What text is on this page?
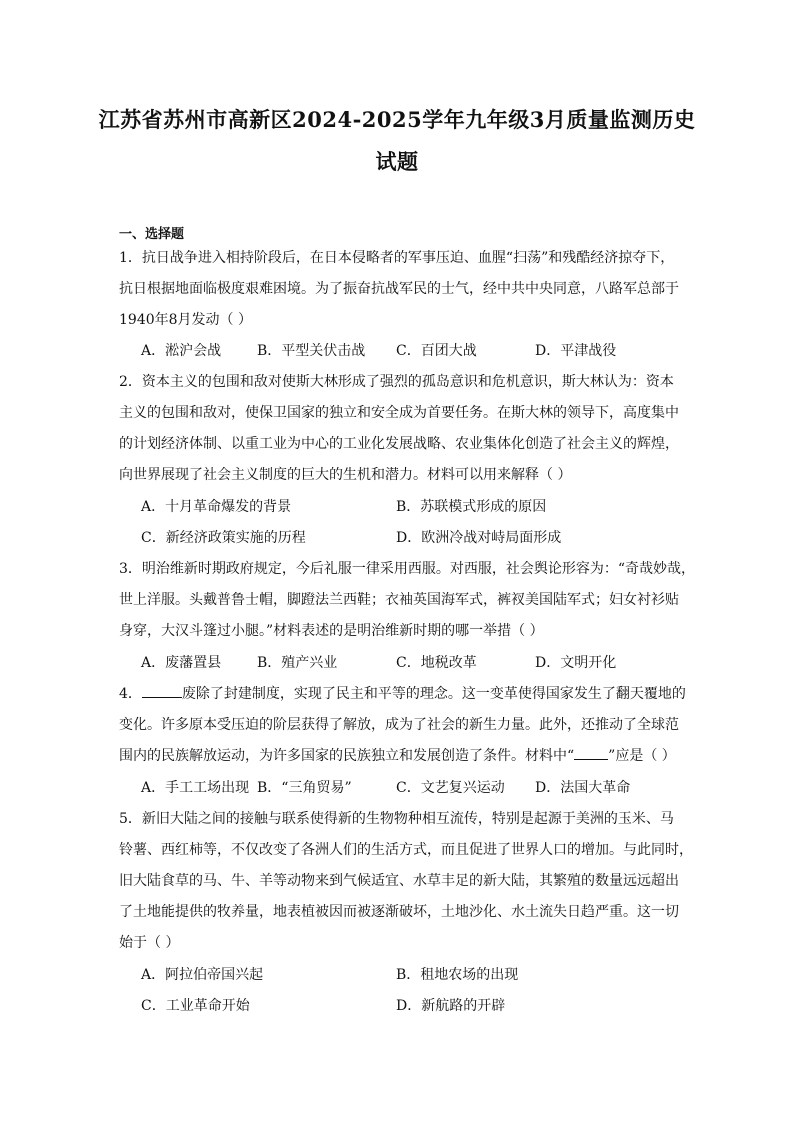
江苏省苏州市高新区2024-2025学年九年级3月质量监测历史
试题
一、选择题
1．抗日战争进入相持阶段后，在日本侵略者的军事压迫、血腥“扫荡”和残酷经济掠夺下，
抗日根据地面临极度艰难困境。为了振奋抗战军民的士气，经中共中央同意，八路军总部于
1940年8月发动（ ）
A．淞沪会战	B．平型关伏击战 C．百团大战	D．平津战役
2．资本主义的包围和敌对使斯大林形成了强烈的孤岛意识和危机意识，斯大林认为：资本
主义的包围和敌对，使保卫国家的独立和安全成为首要任务。在斯大林的领导下，高度集中
的计划经济体制、以重工业为中心的工业化发展战略、农业集体化创造了社会主义的辉煌，
向世界展现了社会主义制度的巨大的生机和潜力。材料可以用来解释（ ）
A．十月革命爆发的背景	B．苏联模式形成的原因
C．新经济政策实施的历程	D．欧洲冷战对峙局面形成
3．明治维新时期政府规定，今后礼服一律采用西服。对西服，社会舆论形容为：“奇哉妙哉，
世上洋服。头戴普鲁士帽，脚蹬法兰西鞋；衣袖英国海军式，裤衩美国陆军式；妇女衬衫贴
身穿，大汉斗篷过小腿。”材料表述的是明治维新时期的哪一举措（ ）
A．废藩置县	B．殖产兴业	C．地税改革	D．文明开化
4．	废除了封建制度，实现了民主和平等的理念。这一变革使得国家发生了翻天覆地的
变化。许多原本受压迫的阶层获得了解放，成为了社会的新生力量。此外，还推动了全球范
围内的民族解放运动，为许多国家的民族独立和发展创造了条件。材料中“ ”应是（ ）
A．手工工场出现 B．“三角贸易”	C．文艺复兴运动 D．法国大革命
5．新旧大陆之间的接触与联系使得新的生物物种相互流传，特别是起源于美洲的玉米、马
铃薯、西红柿等，不仅改变了各洲人们的生活方式，而且促进了世界人口的增加。与此同时，
旧大陆食草的马、牛、羊等动物来到气候适宜、水草丰足的新大陆，其繁殖的数量远远超出
了土地能提供的牧养量，地表植被因而被逐渐破坏，土地沙化、水土流失日趋严重。这一切
始于（ ）
A．阿拉伯帝国兴起	B．租地农场的出现
C．工业革命开始	D．新航路的开辟
